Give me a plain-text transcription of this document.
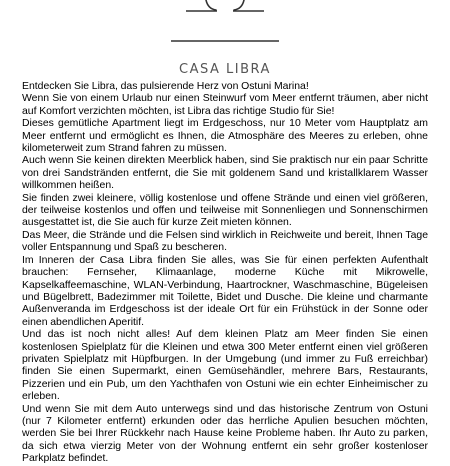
CASA LIBRA

Entdecken Sie Libra, das pulsierende Herz von Ostuni Marina!

Wenn Sie von einem Urlaub nur einen Steinwurf vom Meer entfernt träumen, aber nicht auf Komfort verzichten möchten, ist Libra das richtige Studio für Sie!

Dieses gemütliche Apartment liegt im Erdgeschoss, nur 10 Meter vom Hauptplatz am Meer entfernt und ermöglicht es Ihnen, die Atmosphäre des Meeres zu erleben, ohne kilometerweit zum Strand fahren zu müssen.

Auch wenn Sie keinen direkten Meerblick haben, sind Sie praktisch nur ein paar Schritte von drei Sandstränden entfernt, die Sie mit goldenem Sand und kristallklarem Wasser willkommen heißen.

Sie finden zwei kleinere, völlig kostenlose und offene Strände und einen viel größeren, der teilweise kostenlos und offen und teilweise mit Sonnenliegen und Sonnenschirmen ausgestattet ist, die Sie auch für kurze Zeit mieten können.

Das Meer, die Strände und die Felsen sind wirklich in Reichweite und bereit, Ihnen Tage voller Entspannung und Spaß zu bescheren.

Im Inneren der Casa Libra finden Sie alles, was Sie für einen perfekten Aufenthalt brauchen: Fernseher, Klimaanlage, moderne Küche mit Mikrowelle, Kapselkaffeemaschine, WLAN-Verbindung, Haartrockner, Waschmaschine, Bügeleisen und Bügelbrett, Badezimmer mit Toilette, Bidet und Dusche. Die kleine und charmante Außenveranda im Erdgeschoss ist der ideale Ort für ein Frühstück in der Sonne oder einen abendlichen Aperitif.

Und das ist noch nicht alles! Auf dem kleinen Platz am Meer finden Sie einen kostenlosen Spielplatz für die Kleinen und etwa 300 Meter entfernt einen viel größeren privaten Spielplatz mit Hüpfburgen. In der Umgebung (und immer zu Fuß erreichbar) finden Sie einen Supermarkt, einen Gemüsehändler, mehrere Bars, Restaurants, Pizzerien und ein Pub, um den Yachthafen von Ostuni wie ein echter Einheimischer zu erleben.

Und wenn Sie mit dem Auto unterwegs sind und das historische Zentrum von Ostuni (nur 7 Kilometer entfernt) erkunden oder das herrliche Apulien besuchen möchten, werden Sie bei Ihrer Rückkehr nach Hause keine Probleme haben. Ihr Auto zu parken, da sich etwa vierzig Meter von der Wohnung entfernt ein sehr großer kostenloser Parkplatz befindet.
